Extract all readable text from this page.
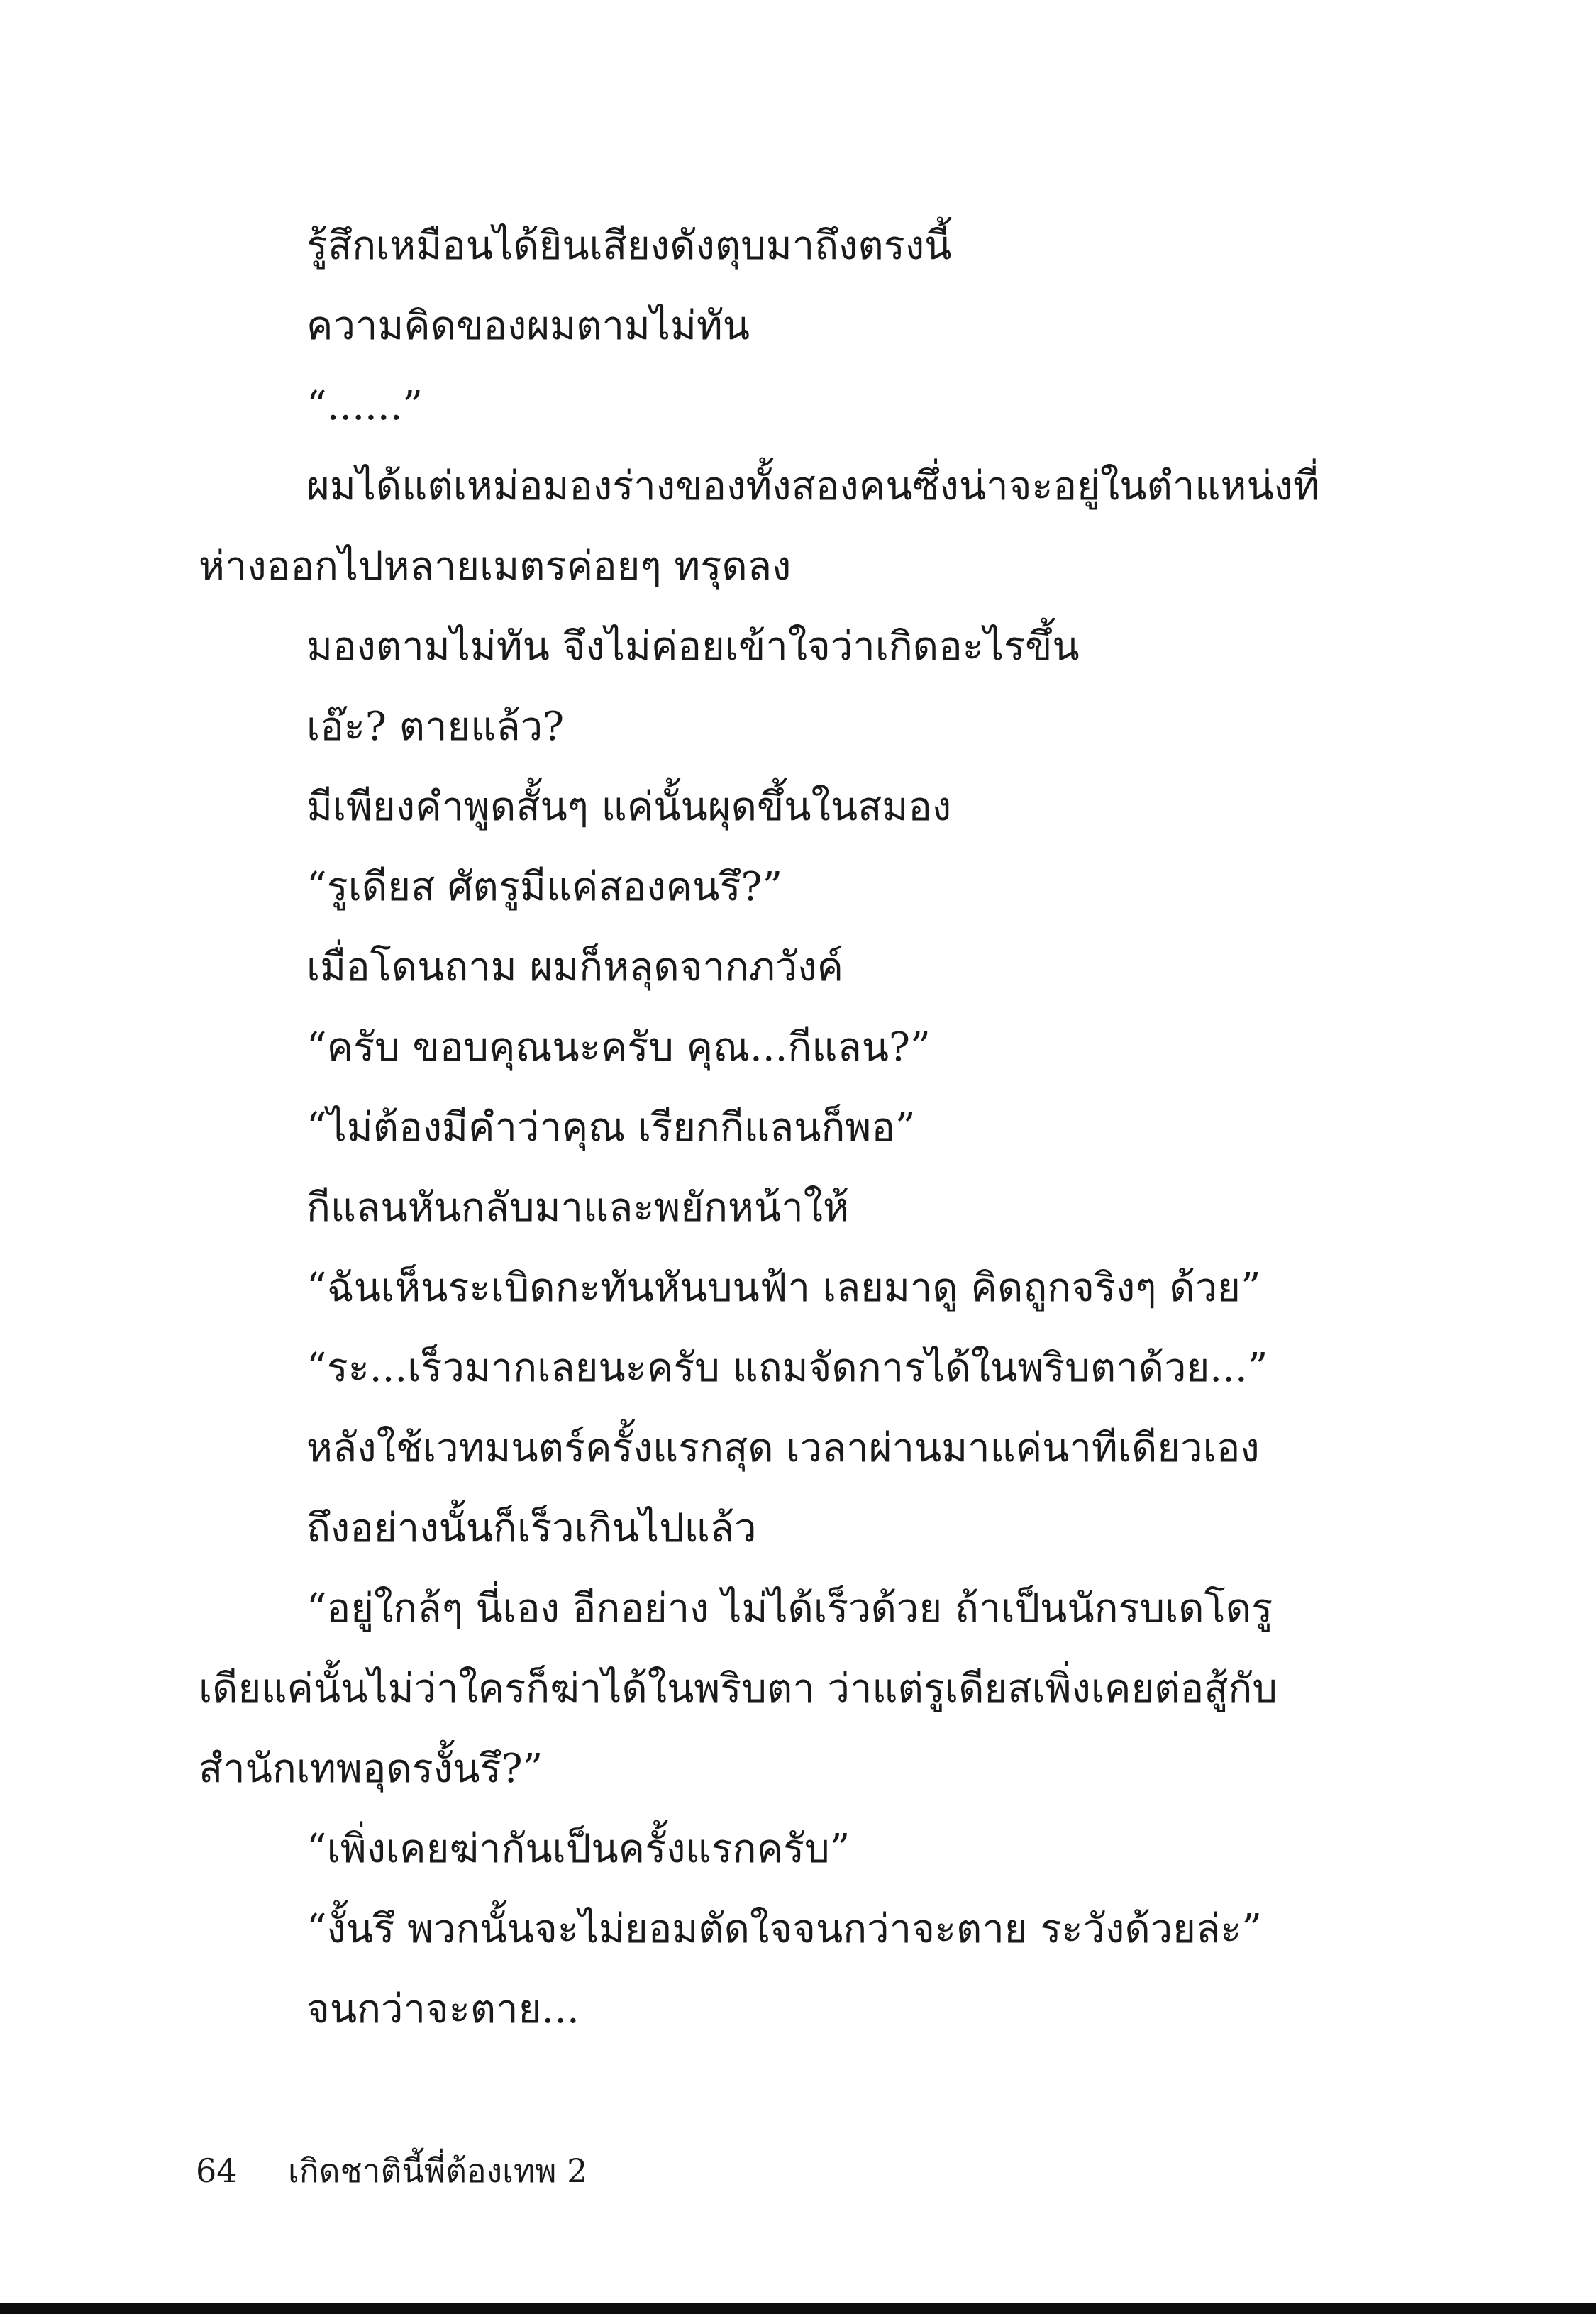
รู้สึกเหมือนได้ยินเสียงดังตุบมาถึงตรงนี้

ความคิดของผมตามไม่ทัน

“......”

ผมได้แต่เหม่อมองร่างของทั้งสองคนซึ่งน่าจะอยู่ในตำแหน่งที่ห่างออกไปหลายเมตรค่อยๆ ทรุดลง

มองตามไม่ทัน จึงไม่ค่อยเข้าใจว่าเกิดอะไรขึ้น

เอ๊ะ? ตายแล้ว?

มีเพียงคำพูดสั้นๆ แค่นั้นผุดขึ้นในสมอง

“รูเดียส ศัตรูมีแค่สองคนรึ?”

เมื่อโดนถาม ผมก็หลุดจากภวังค์

“ครับ ขอบคุณนะครับ คุณ...กีแลน?”

“ไม่ต้องมีคำว่าคุณ เรียกกีแลนก็พอ”

กีแลนหันกลับมาและพยักหน้าให้

“ฉันเห็นระเบิดกะทันหันบนฟ้า เลยมาดู คิดถูกจริงๆ ด้วย”

“ระ...เร็วมากเลยนะครับ แถมจัดการได้ในพริบตาด้วย...”

หลังใช้เวทมนตร์ครั้งแรกสุด เวลาผ่านมาแค่นาทีเดียวเอง

ถึงอย่างนั้นก็เร็วเกินไปแล้ว

“อยู่ใกล้ๆ นี่เอง อีกอย่าง ไม่ได้เร็วด้วย ถ้าเป็นนักรบเดโดรูเดียแค่นั้นไม่ว่าใครก็ฆ่าได้ในพริบตา ว่าแต่รูเดียสเพิ่งเคยต่อสู้กับสำนักเทพอุดรงั้นรึ?”

“เพิ่งเคยฆ่ากันเป็นครั้งแรกครับ”

“งั้นรึ พวกนั้นจะไม่ยอมตัดใจจนกว่าจะตาย ระวังด้วยล่ะ”

จนกว่าจะตาย...

64 เกิดชาตินี้พี่ต้องเทพ 2
